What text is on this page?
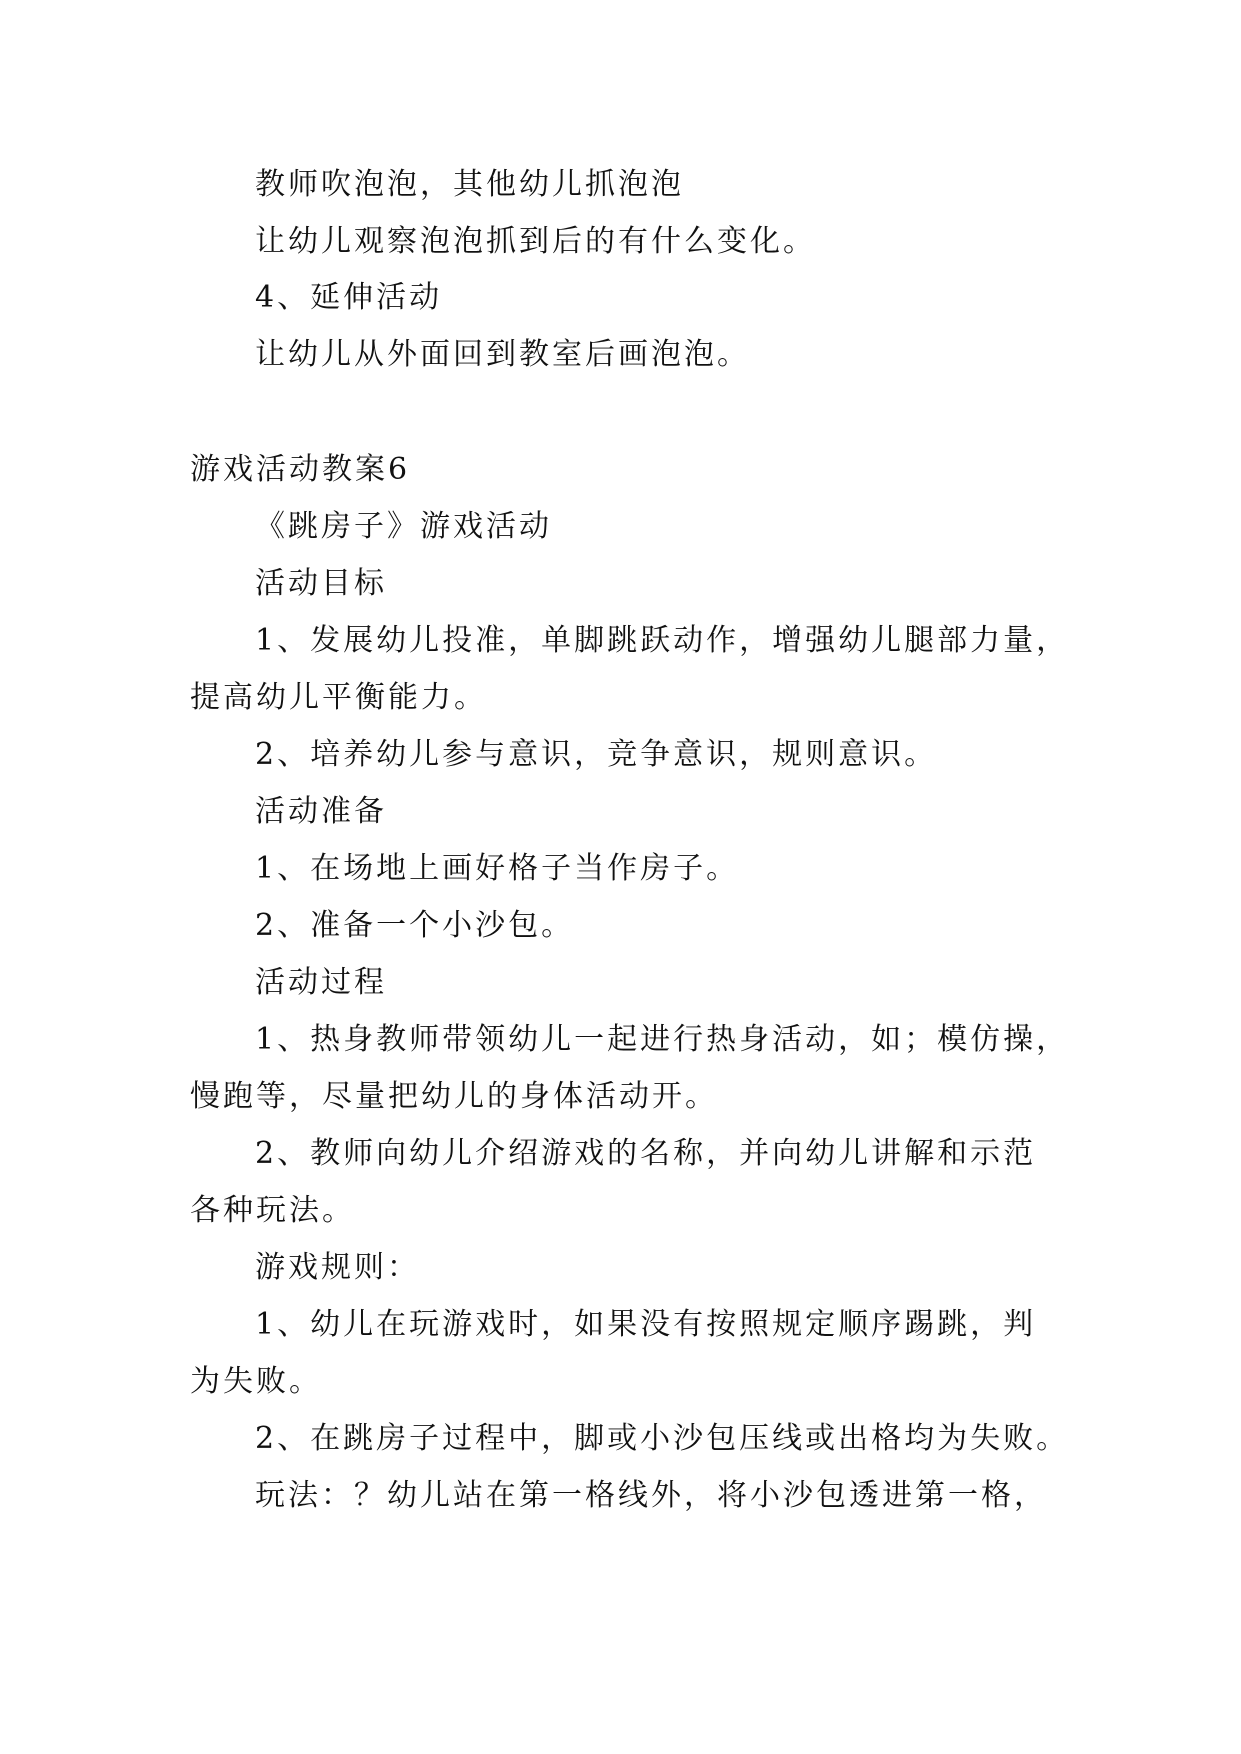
教师吹泡泡，其他幼儿抓泡泡
让幼儿观察泡泡抓到后的有什么变化。
4、延伸活动
让幼儿从外面回到教室后画泡泡。
游戏活动教案6
《跳房子》游戏活动
活动目标
1、发展幼儿投准，单脚跳跃动作，增强幼儿腿部力量，
提高幼儿平衡能力。
2、培养幼儿参与意识，竞争意识，规则意识。
活动准备
1、在场地上画好格子当作房子。
2、准备一个小沙包。
活动过程
1、热身教师带领幼儿一起进行热身活动，如；模仿操，
慢跑等，尽量把幼儿的身体活动开。
2、教师向幼儿介绍游戏的名称，并向幼儿讲解和示范
各种玩法。
游戏规则：
1、幼儿在玩游戏时，如果没有按照规定顺序踢跳，判
为失败。
2、在跳房子过程中，脚或小沙包压线或出格均为失败。
玩法：？幼儿站在第一格线外，将小沙包透进第一格，
